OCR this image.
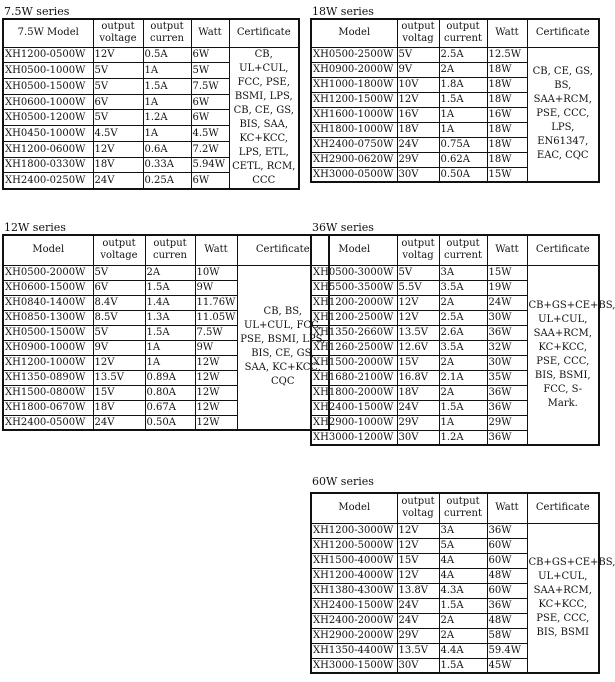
7.5W series
7.5W Model	output voltage	output curren	Watt	Certificate
XH1200-0500W	12V	0.5A	6W	CB, UL+CUL, FCC, PSE, BSMI, LPS, CB, CE, GS, BIS, SAA, KC+KCC, LPS, ETL, CETL, RCM, CCC
XH0500-1000W	5V	1A	5W	
XH0500-1500W	5V	1.5A	7.5W	
XH0600-1000W	6V	1A	6W	
XH0500-1200W	5V	1.2A	6W	
XH0450-1000W	4.5V	1A	4.5W	
XH1200-0600W	12V	0.6A	7.2W	
XH1800-0330W	18V	0.33A	5.94W	
XH2400-0250W	24V	0.25A	6W	
18W series
Model	output voltag	output current	Watt	Certificate
XH0500-2500W	5V	2.5A	12.5W	CB, CE, GS, BS, SAA+RCM, PSE, CCC, LPS, EN61347, EAC, CQC
XH0900-2000W	9V	2A	18W	
XH1000-1800W	10V	1.8A	18W	
XH1200-1500W	12V	1.5A	18W	
XH1600-1000W	16V	1A	16W	
XH1800-1000W	18V	1A	18W	
XH2400-0750W	24V	0.75A	18W	
XH2900-0620W	29V	0.62A	18W	
XH3000-0500W	30V	0.50A	15W	
12W series
Model	output voltage	output curren	Watt	Certificate
XH0500-2000W	5V	2A	10W	CB, BS, UL+CUL, FCC, PSE, BSMI, LPS, BIS, CE, GS, SAA, KC+KCC, CQC
XH0600-1500W	6V	1.5A	9W	
XH0840-1400W	8.4V	1.4A	11.76W	
XH0850-1300W	8.5V	1.3A	11.05W	
XH0500-1500W	5V	1.5A	7.5W	
XH0900-1000W	9V	1A	9W	
XH1200-1000W	12V	1A	12W	
XH1350-0890W	13.5V	0.89A	12W	
XH1500-0800W	15V	0.80A	12W	
XH1800-0670W	18V	0.67A	12W	
XH2400-0500W	24V	0.50A	12W	
36W series
Model	output voltag	output current	Watt	Certificate
XH0500-3000W	5V	3A	15W	CB+GS+CE+BS, UL+CUL, SAA+RCM, KC+KCC, PSE, CCC, BIS, BSMI, FCC, S-Mark.
XH5500-3500W	5.5V	3.5A	19W	
XH1200-2000W	12V	2A	24W	
XH1200-2500W	12V	2.5A	30W	
XH1350-2660W	13.5V	2.6A	36W	
XH1260-2500W	12.6V	3.5A	32W	
XH1500-2000W	15V	2A	30W	
XH1680-2100W	16.8V	2.1A	35W	
XH1800-2000W	18V	2A	36W	
XH2400-1500W	24V	1.5A	36W	
XH2900-1000W	29V	1A	29W	
XH3000-1200W	30V	1.2A	36W	
60W series
Model	output voltag	output current	Watt	Certificate
XH1200-3000W	12V	3A	36W	CB+GS+CE+BS, UL+CUL, SAA+RCM, KC+KCC, PSE, CCC, BIS, BSMI
XH1200-5000W	12V	5A	60W	
XH1500-4000W	15V	4A	60W	
XH1200-4000W	12V	4A	48W	
XH1380-4300W	13.8V	4.3A	60W	
XH2400-1500W	24V	1.5A	36W	
XH2400-2000W	24V	2A	48W	
XH2900-2000W	29V	2A	58W	
XH1350-4400W	13.5V	4.4A	59.4W	
XH3000-1500W	30V	1.5A	45W	
